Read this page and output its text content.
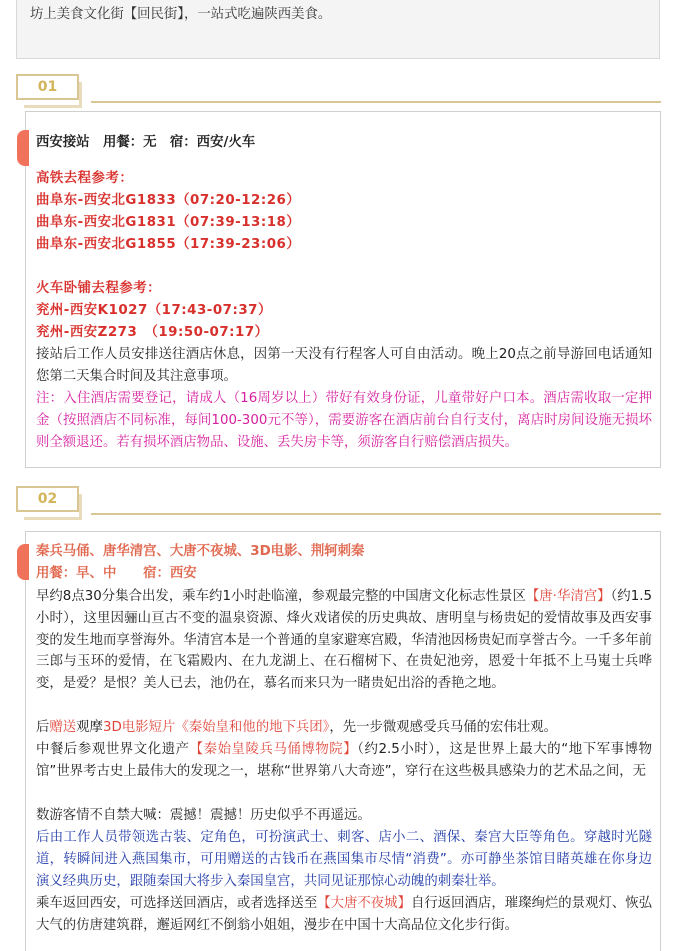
坊上美食文化街【回民街】，一站式吃遍陕西美食。
01
西安接站　用餐：无　宿：西安/火车
高铁去程参考：
曲阜东-西安北G1833（07:20-12:26）
曲阜东-西安北G1831（07:39-13:18）
曲阜东-西安北G1855（17:39-23:06）
火车卧铺去程参考：
兖州-西安K1027（17:43-07:37）
兖州-西安Z273　（19:50-07:17）
接站后工作人员安排送往酒店休息，因第一天没有行程客人可自由活动。晚上20点之前导游回电话通知您第二天集合时间及其注意事项。
注：入住酒店需要登记，请成人（16周岁以上）带好有效身份证，儿童带好户口本。酒店需收取一定押金（按照酒店不同标准，每间100-300元不等），需要游客在酒店前台自行支付，离店时房间设施无损坏则全额退还。若有损坏酒店物品、设施、丢失房卡等，须游客自行赔偿酒店损失。
02
秦兵马俑、唐华清宫、大唐不夜城、3D电影、荆轲刺秦
用餐：早、中　　宿：西安
早约8点30分集合出发，乘车约1小时赴临潼，参观最完整的中国唐文化标志性景区【唐·华清宫】（约1.5小时），这里因骊山亘古不变的温泉资源、烽火戏诸侯的历史典故、唐明皇与杨贵妃的爱情故事及西安事变的发生地而享誉海外。华清宫本是一个普通的皇家避寒宫殿，华清池因杨贵妃而享誉古今。一千多年前三郎与玉环的爱情，在飞霜殿内、在九龙湖上、在石榴树下、在贵妃池旁，恩爱十年抵不上马嵬士兵哗变，是爱？是恨？美人已去，池仍在，慕名而来只为一睹贵妃出浴的香艳之地。
后赠送观摩3D电影短片《秦始皇和他的地下兵团》，先一步微观感受兵马俑的宏伟壮观。
中餐后参观世界文化遗产【秦始皇陵兵马俑博物院】（约2.5小时），这是世界上最大的“地下军事博物馆”世界考古史上最伟大的发现之一，堪称“世界第八大奇迹”，穿行在这些极具感染力的艺术品之间，无
数游客情不自禁大喊：震撼！震撼！历史似乎不再遥远。
后由工作人员带领选古装、定角色，可扮演武士、刺客、店小二、酒保、秦宫大臣等角色。穿越时光隧道，转瞬间进入燕国集市，可用赠送的古钱币在燕国集市尽情“消费”。亦可静坐茶馆目睹英雄在你身边演义经典历史，跟随秦国大将步入秦国皇宫，共同见证那惊心动魄的刺秦壮举。
乘车返回西安，可选择送回酒店，或者选择送至【大唐不夜城】自行返回酒店，璀璨绚烂的景观灯、恢弘大气的仿唐建筑群，邂逅网红不倒翁小姐姐，漫步在中国十大高品位文化步行街。
